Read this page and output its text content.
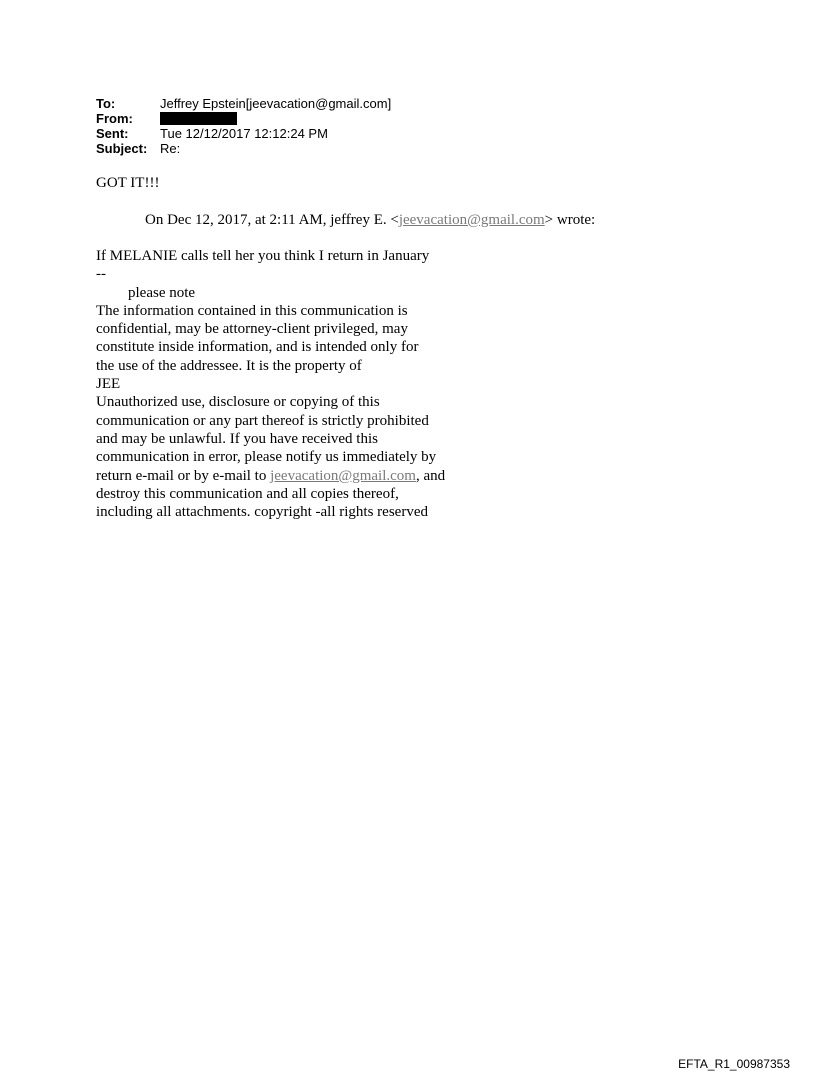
To:	Jeffrey Epstein[jeevacation@gmail.com]
From:
Sent:	Tue 12/12/2017 12:12:24 PM
Subject: Re:
GOT IT!!!
On Dec 12, 2017, at 2:11 AM, jeffrey E. <jeevacation@gmail.com> wrote:
If MELANIE calls tell her you think I return in January
--
please note
The information contained in this communication is
confidential, may be attorney-client privileged, may
constitute inside information, and is intended only for
the use of the addressee. It is the property of
JEE
Unauthorized use, disclosure or copying of this
communication or any part thereof is strictly prohibited
and may be unlawful. If you have received this
communication in error, please notify us immediately by
return e-mail or by e-mail to jeevacation@gmail.com, and
destroy this communication and all copies thereof,
including all attachments. copyright -all rights reserved
EFTA_R1_00987353
